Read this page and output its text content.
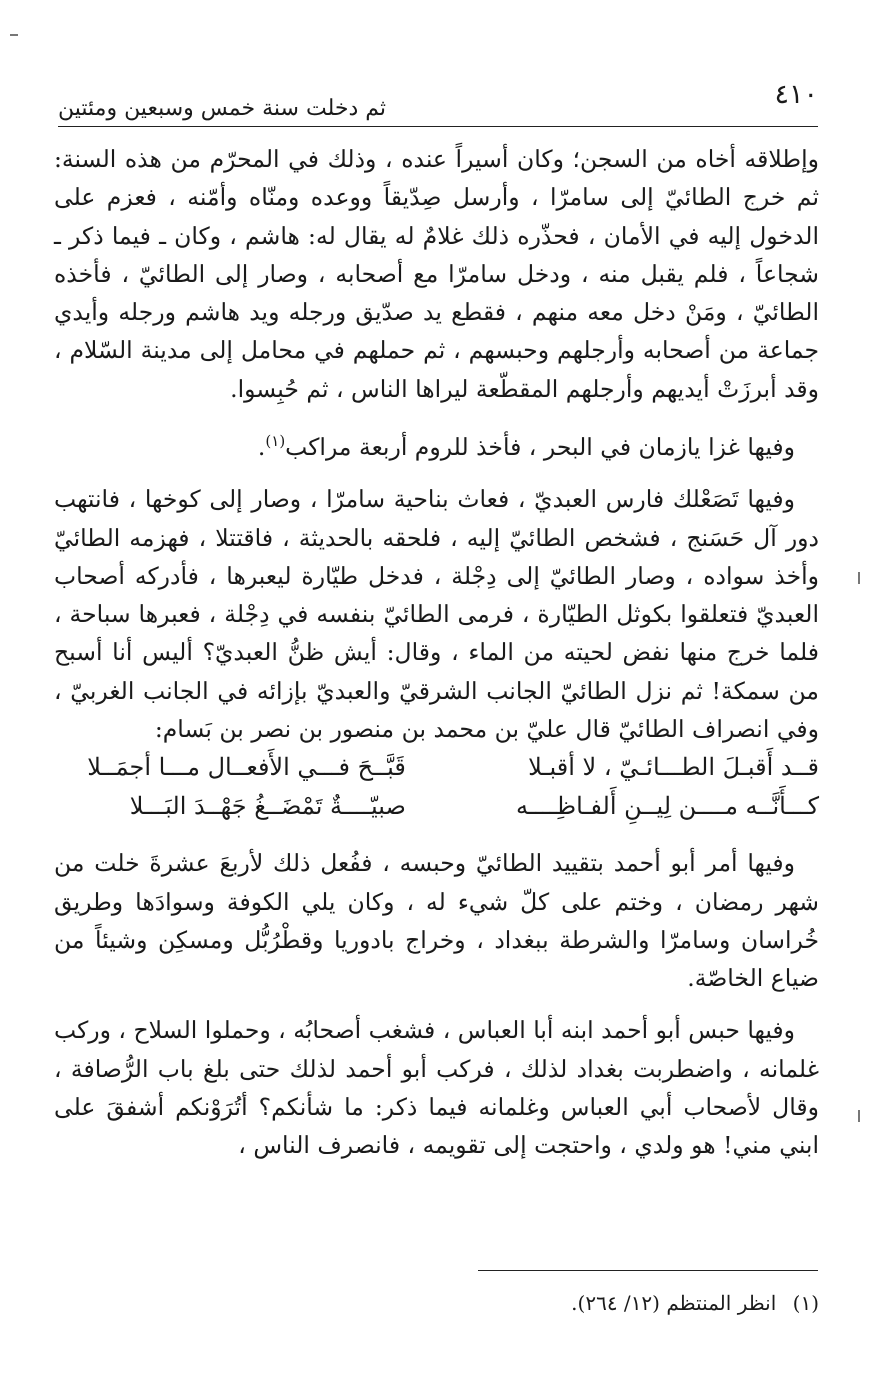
٤١٠
ثم دخلت سنة خمس وسبعين ومئتين

وإطلاقه أخاه من السجن؛ وكان أسيراً عنده ، وذلك في المحرّم من هذه السنة: ثم خرج الطائيّ إلى سامرّا ، وأرسل صِدّيقاً ووعده ومنّاه وأمّنه ، فعزم على الدخول إليه في الأمان ، فحذّره ذلك غلامٌ له يقال له: هاشم ، وكان ـ فيما ذكر ـ شجاعاً ، فلم يقبل منه ، ودخل سامرّا مع أصحابه ، وصار إلى الطائيّ ، فأخذه الطائيّ ، ومَنْ دخل معه منهم ، فقطع يد صدّيق ورجله ويد هاشم ورجله وأيدي جماعة من أصحابه وأرجلهم وحبسهم ، ثم حملهم في محامل إلى مدينة السّلام ، وقد أبرزَتْ أيديهم وأرجلهم المقطّعة ليراها الناس ، ثم حُبِسوا.

وفيها غزا يازمان في البحر ، فأخذ للروم أربعة مراكب$^{(١)}$.

وفيها تَصَعْلك فارس العبديّ ، فعاث بناحية سامرّا ، وصار إلى كوخها ، فانتهب دور آل حَسَنج ، فشخص الطائيّ إليه ، فلحقه بالحديثة ، فاقتتلا ، فهزمه الطائيّ وأخذ سواده ، وصار الطائيّ إلى دِجْلة ، فدخل طيّارة ليعبرها ، فأدركه أصحاب العبديّ فتعلقوا بكوثل الطيّارة ، فرمى الطائيّ بنفسه في دِجْلة ، فعبرها سباحة ، فلما خرج منها نفض لحيته من الماء ، وقال: أيش ظنُّ العبديّ؟ أليس أنا أسبح من سمكة! ثم نزل الطائيّ الجانب الشرقيّ والعبديّ بإزائه في الجانب الغربيّ ، وفي انصراف الطائيّ قال عليّ بن محمد بن منصور بن نصر بن بَسام:

قــد أَقبـلَ الطـــائـيّ ، لا أقبـلا
قَبَّــحَ فـــي الأَفعــال مـــا أجمَــلا
كـــأَنَّــه مــــن لِيــنِ أَلفـاظِــــه
صبيّــــةٌ تَمْضَــغُ جَهْــدَ البَـــلا

وفيها أمر أبو أحمد بتقييد الطائيّ وحبسه ، ففُعل ذلك لأربعَ عشرةَ خلت من شهر رمضان ، وختم على كلّ شيء له ، وكان يلي الكوفة وسوادَها وطريق خُراسان وسامرّا والشرطة ببغداد ، وخراج بادوريا وقطْرُبُّل ومسكِن وشيئاً من ضياع الخاصّة.

وفيها حبس أبو أحمد ابنه أبا العباس ، فشغب أصحابُه ، وحملوا السلاح ، وركب غلمانه ، واضطربت بغداد لذلك ، فركب أبو أحمد لذلك حتى بلغ باب الرُّصافة ، وقال لأصحاب أبي العباس وغلمانه فيما ذكر: ما شأنكم؟ أتُرَوْنكم أشفقَ على ابني مني! هو ولدي ، واحتجت إلى تقويمه ، فانصرف الناس ،

(١) انظر المنتظم (١٢/ ٢٦٤).
